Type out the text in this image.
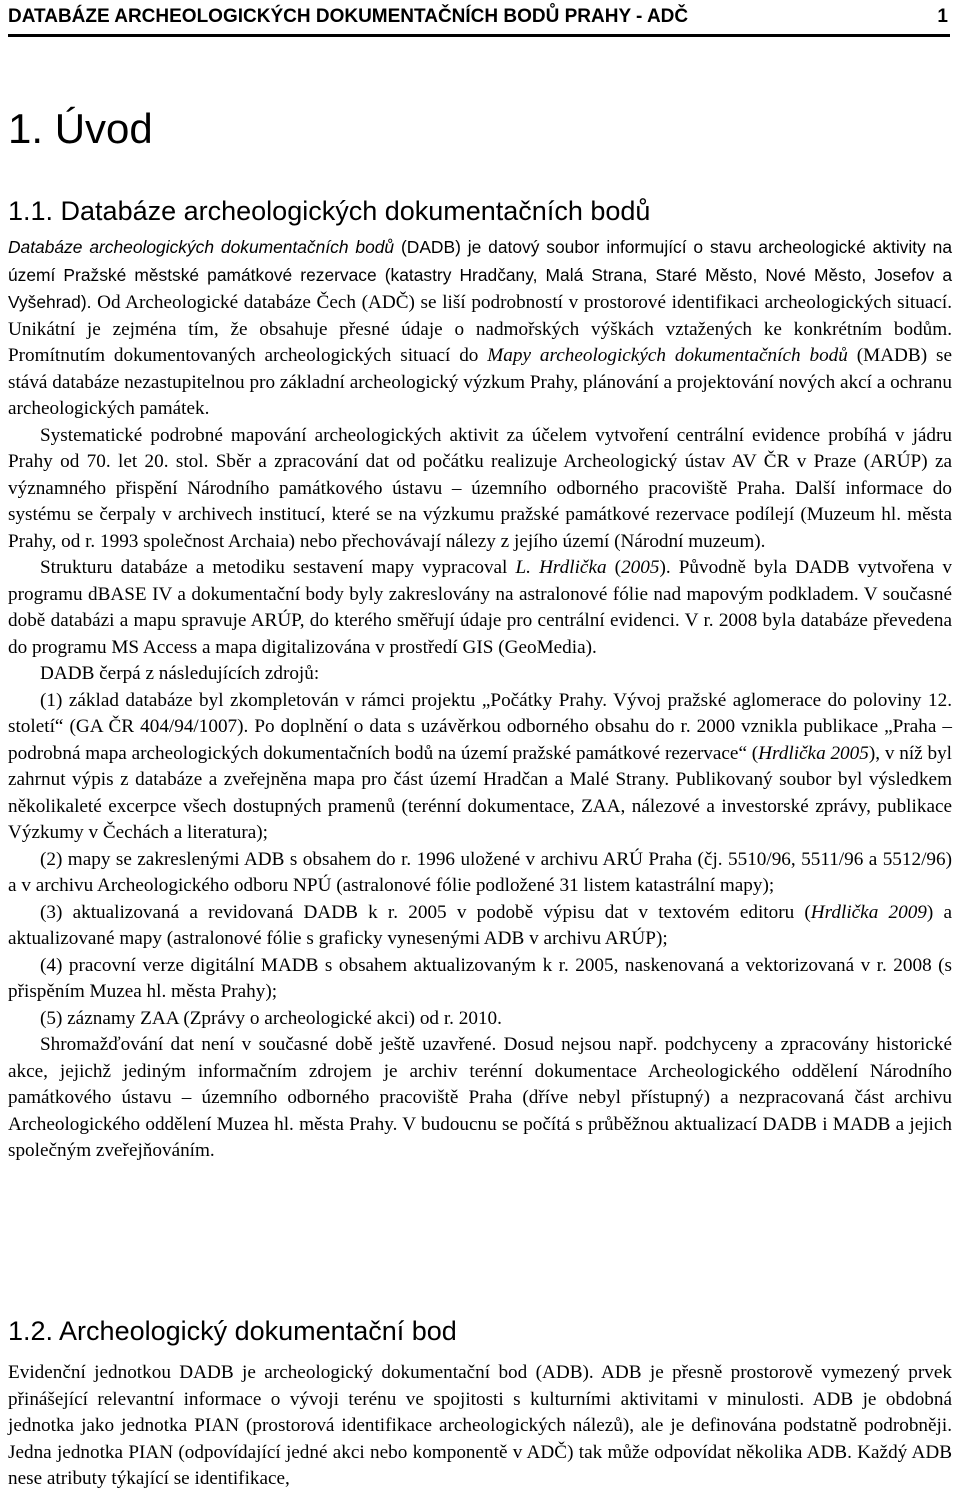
DATABÁZE ARCHEOLOGICKÝCH DOKUMENTAČNÍCH BODŮ PRAHY - ADČ	1
1. Úvod
1.1. Databáze archeologických dokumentačních bodů

Databáze archeologických dokumentačních bodů (DADB) je datový soubor informující o stavu archeologické aktivity na území Pražské městské památkové rezervace (katastry Hradčany, Malá Strana, Staré Město, Nové Město, Josefov a Vyšehrad). Od Archeologické databáze Čech (ADČ) se liší podrobností v prostorové identifikaci archeologických situací. Unikátní je zejména tím, že obsahuje přesné údaje o nadmořských výškách vztažených ke konkrétním bodům. Promítnutím dokumentovaných archeologických situací do Mapy archeologických dokumentačních bodů (MADB) se stává databáze nezastupitelnou pro základní archeologický výzkum Prahy, plánování a projektování nových akcí a ochranu archeologických památek.

Systematické podrobné mapování archeologických aktivit za účelem vytvoření centrální evidence probíhá v jádru Prahy od 70. let 20. stol. Sběr a zpracování dat od počátku realizuje Archeologický ústav AV ČR v Praze (ARÚP) za významného přispění Národního památkového ústavu – územního odborného pracoviště Praha. Další informace do systému se čerpaly v archivech institucí, které se na výzkumu pražské památkové rezervace podílejí (Muzeum hl. města Prahy, od r. 1993 společnost Archaia) nebo přechovávají nálezy z jejího území (Národní muzeum).

Strukturu databáze a metodiku sestavení mapy vypracoval L. Hrdlička (2005). Původně byla DADB vytvořena v programu dBASE IV a dokumentační body byly zakreslovány na astralonové fólie nad mapovým podkladem. V současné době databázi a mapu spravuje ARÚP, do kterého směřují údaje pro centrální evidenci. V r. 2008 byla databáze převedena do programu MS Access a mapa digitalizována v prostředí GIS (GeoMedia).

DADB čerpá z následujících zdrojů:

(1) základ databáze byl zkompletován v rámci projektu „Počátky Prahy. Vývoj pražské aglomerace do poloviny 12. století“ (GA ČR 404/94/1007). Po doplnění o data s uzávěrkou odborného obsahu do r. 2000 vznikla publikace „Praha – podrobná mapa archeologických dokumentačních bodů na území pražské památkové rezervace“ (Hrdlička 2005), v níž byl zahrnut výpis z databáze a zveřejněna mapa pro část území Hradčan a Malé Strany. Publikovaný soubor byl výsledkem několikaleté excerpce všech dostupných pramenů (terénní dokumentace, ZAA, nálezové a investorské zprávy, publikace Výzkumy v Čechách a literatura);

(2) mapy se zakreslenými ADB s obsahem do r. 1996 uložené v archivu ARÚ Praha (čj. 5510/96, 5511/96 a 5512/96) a v archivu Archeologického odboru NPÚ (astralonové fólie podložené 31 listem katastrální mapy);

(3) aktualizovaná a revidovaná DADB k r. 2005 v podobě výpisu dat v textovém editoru (Hrdlička 2009) a aktualizované mapy (astralonové fólie s graficky vynesenými ADB v archivu ARÚP);

(4) pracovní verze digitální MADB s obsahem aktualizovaným k r. 2005, naskenovaná a vektorizovaná v r. 2008 (s přispěním Muzea hl. města Prahy);

(5) záznamy ZAA (Zprávy o archeologické akci) od r. 2010.

Shromažďování dat není v současné době ještě uzavřené. Dosud nejsou např. podchyceny a zpracovány historické akce, jejichž jediným informačním zdrojem je archiv terénní dokumentace Archeologického oddělení Národního památkového ústavu – územního odborného pracoviště Praha (dříve nebyl přístupný) a nezpracovaná část archivu Archeologického oddělení Muzea hl. města Prahy. V budoucnu se počítá s průběžnou aktualizací DADB i MADB a jejich společným zveřejňováním.

1.2. Archeologický dokumentační bod

Evidenční jednotkou DADB je archeologický dokumentační bod (ADB). ADB je přesně prostorově vymezený prvek přinášející relevantní informace o vývoji terénu ve spojitosti s kulturními aktivitami v minulosti. ADB je obdobná jednotka jako jednotka PIAN (prostorová identifikace archeologických nálezů), ale je definována podstatně podrobněji. Jedna jednotka PIAN (odpovídající jedné akci nebo komponentě v ADČ) tak může odpovídat několika ADB. Každý ADB nese atributy týkající se identifikace,
